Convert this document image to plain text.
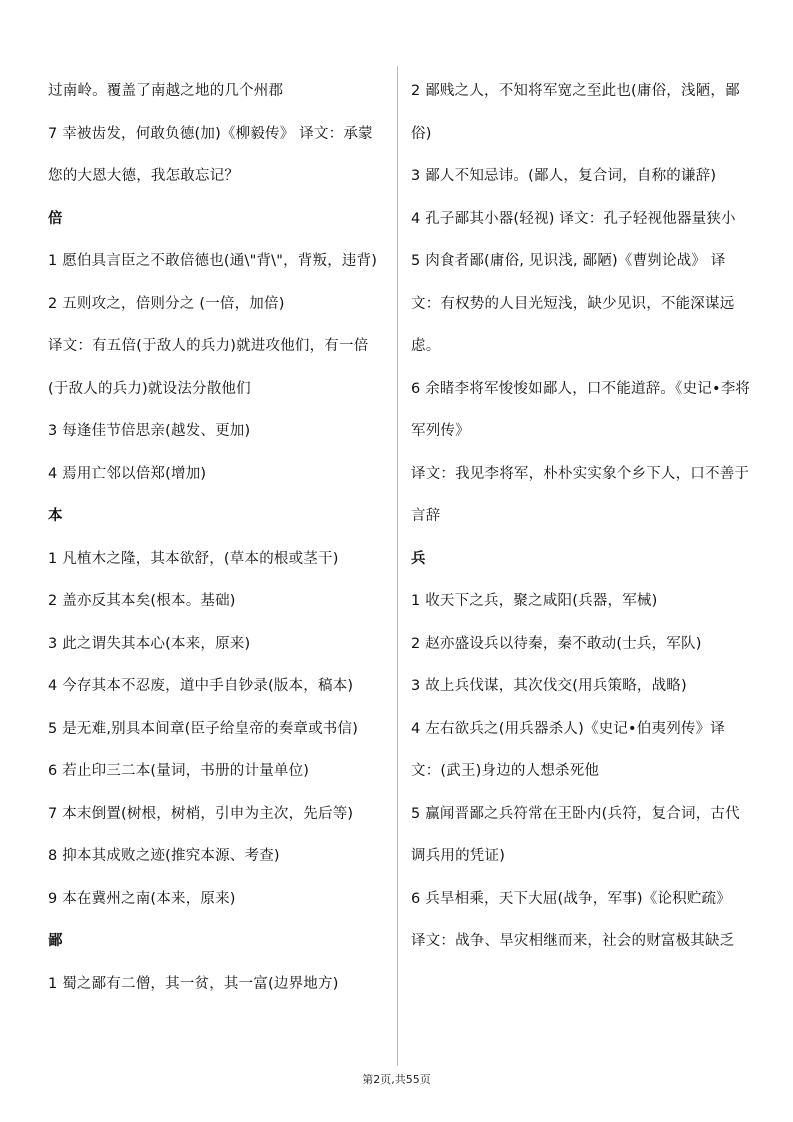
过南岭。覆盖了南越之地的几个州郡

7 幸被齿发，何敢负德(加)《柳毅传》 译文：承蒙您的大恩大德，我怎敢忘记？

倍

1 愿伯具言臣之不敢倍德也(通\"背\"，背叛，违背)

2 五则攻之，倍则分之 (一倍，加倍)

译文：有五倍(于敌人的兵力)就进攻他们，有一倍(于敌人的兵力)就设法分散他们

3 每逢佳节倍思亲(越发、更加)

4 焉用亡邻以倍郑(增加)

本

1 凡植木之隆，其本欲舒，(草本的根或茎干)

2 盖亦反其本矣(根本。基础)

3 此之谓失其本心(本来，原来)

4 今存其本不忍废，道中手自钞录(版本，稿本)

5 是无难,别具本间章(臣子给皇帝的奏章或书信)

6 若止印三二本(量词，书册的计量单位)

7 本末倒置(树根，树梢，引申为主次，先后等)

8 抑本其成败之迹(推究本源、考查)

9 本在冀州之南(本来，原来)

鄙

1 蜀之鄙有二僧，其一贫，其一富(边界地方)

2 鄙贱之人，不知将军宽之至此也(庸俗，浅陋，鄙俗)

3 鄙人不知忌讳。(鄙人，复合词，自称的谦辞)

4 孔子鄙其小器(轻视) 译文：孔子轻视他器量狭小

5 肉食者鄙(庸俗, 见识浅, 鄙陋)《曹刿论战》 译文：有权势的人目光短浅，缺少见识，不能深谋远虑。

6 余睹李将军悛悛如鄙人，口不能道辞。《史记•李将军列传》

译文：我见李将军，朴朴实实象个乡下人，口不善于言辞

兵

1 收天下之兵，聚之咸阳(兵器，军械)

2 赵亦盛设兵以待秦，秦不敢动(士兵，军队)

3 故上兵伐谋，其次伐交(用兵策略，战略)

4 左右欲兵之(用兵器杀人)《史记•伯夷列传》译文：(武王)身边的人想杀死他

5 赢闻晋鄙之兵符常在王卧内(兵符，复合词，古代调兵用的凭证)

6 兵旱相乘，天下大屈(战争，军事)《论积贮疏》

译文：战争、旱灾相继而来，社会的财富极其缺乏

第2页,共55页
